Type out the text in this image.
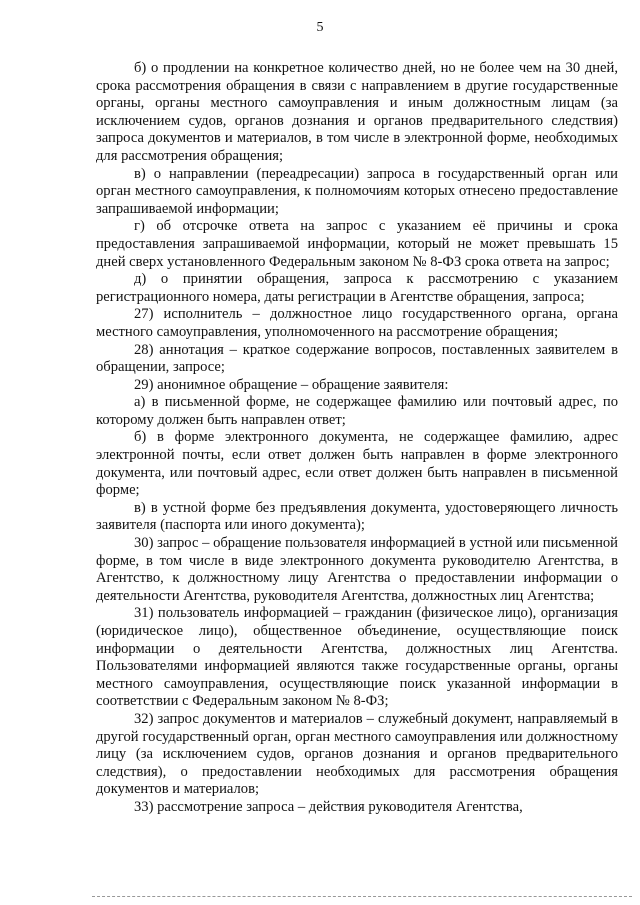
5

б) о продлении на конкретное количество дней, но не более чем на 30 дней, срока рассмотрения обращения в связи с направлением в другие государственные органы, органы местного самоуправления и иным должностным лицам (за исключением судов, органов дознания и органов предварительного следствия) запроса документов и материалов, в том числе в электронной форме, необходимых для рассмотрения обращения;

в) о направлении (переадресации) запроса в государственный орган или орган местного самоуправления, к полномочиям которых отнесено предоставление запрашиваемой информации;

г) об отсрочке ответа на запрос с указанием её причины и срока предоставления запрашиваемой информации, который не может превышать 15 дней сверх установленного Федеральным законом № 8-ФЗ срока ответа на запрос;

д) о принятии обращения, запроса к рассмотрению с указанием регистрационного номера, даты регистрации в Агентстве обращения, запроса;

27) исполнитель – должностное лицо государственного органа, органа местного самоуправления, уполномоченного на рассмотрение обращения;

28) аннотация – краткое содержание вопросов, поставленных заявителем в обращении, запросе;

29) анонимное обращение – обращение заявителя:

а) в письменной форме, не содержащее фамилию или почтовый адрес, по которому должен быть направлен ответ;

б) в форме электронного документа, не содержащее фамилию, адрес электронной почты, если ответ должен быть направлен в форме электронного документа, или почтовый адрес, если ответ должен быть направлен в письменной форме;

в) в устной форме без предъявления документа, удостоверяющего личность заявителя (паспорта или иного документа);

30) запрос – обращение пользователя информацией в устной или письменной форме, в том числе в виде электронного документа руководителю Агентства, в Агентство, к должностному лицу Агентства о предоставлении информации о деятельности Агентства, руководителя Агентства, должностных лиц Агентства;

31) пользователь информацией – гражданин (физическое лицо), организация (юридическое лицо), общественное объединение, осуществляющие поиск информации о деятельности Агентства, должностных лиц Агентства. Пользователями информацией являются также государственные органы, органы местного самоуправления, осуществляющие поиск указанной информации в соответствии с Федеральным законом № 8-ФЗ;

32) запрос документов и материалов – служебный документ, направляемый в другой государственный орган, орган местного самоуправления или должностному лицу (за исключением судов, органов дознания и органов предварительного следствия), о предоставлении необходимых для рассмотрения обращения документов и материалов;

33) рассмотрение запроса – действия руководителя Агентства,
